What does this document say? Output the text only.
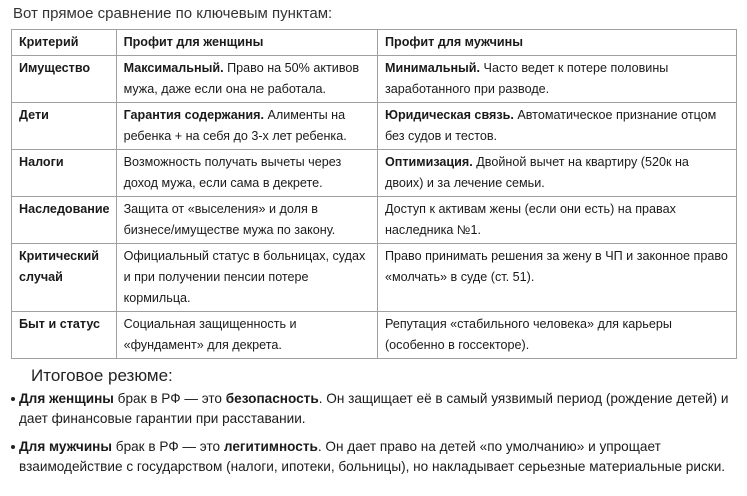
Вот прямое сравнение по ключевым пунктам:
Критерий	Профит для женщины	Профит для мужчины
Имущество	Максимальный. Право на 50% активов мужа, даже если она не работала.	Минимальный. Часто ведет к потере половины заработанного при разводе.
Дети	Гарантия содержания. Алименты на ребенка + на себя до 3-х лет ребенка.	Юридическая связь. Автоматическое признание отцом без судов и тестов.
Налоги	Возможность получать вычеты через доход мужа, если сама в декрете.	Оптимизация. Двойной вычет на квартиру (520к на двоих) и за лечение семьи.
Наследование	Защита от «выселения» и доля в бизнесе/имуществе мужа по закону.	Доступ к активам жены (если они есть) на правах наследника №1.
Критический случай	Официальный статус в больницах, судах и при получении пенсии потере кормильца.	Право принимать решения за жену в ЧП и законное право «молчать» в суде (ст. 51).
Быт и статус	Социальная защищенность и «фундамент» для декрета.	Репутация «стабильного человека» для карьеры (особенно в госсекторе).
Итоговое резюме:
Для женщины брак в РФ — это безопасность. Он защищает её в самый уязвимый период (рождение детей) и дает финансовые гарантии при расставании.
Для мужчины брак в РФ — это легитимность. Он дает право на детей «по умолчанию» и упрощает взаимодействие с государством (налоги, ипотеки, больницы), но накладывает серьезные материальные риски.
